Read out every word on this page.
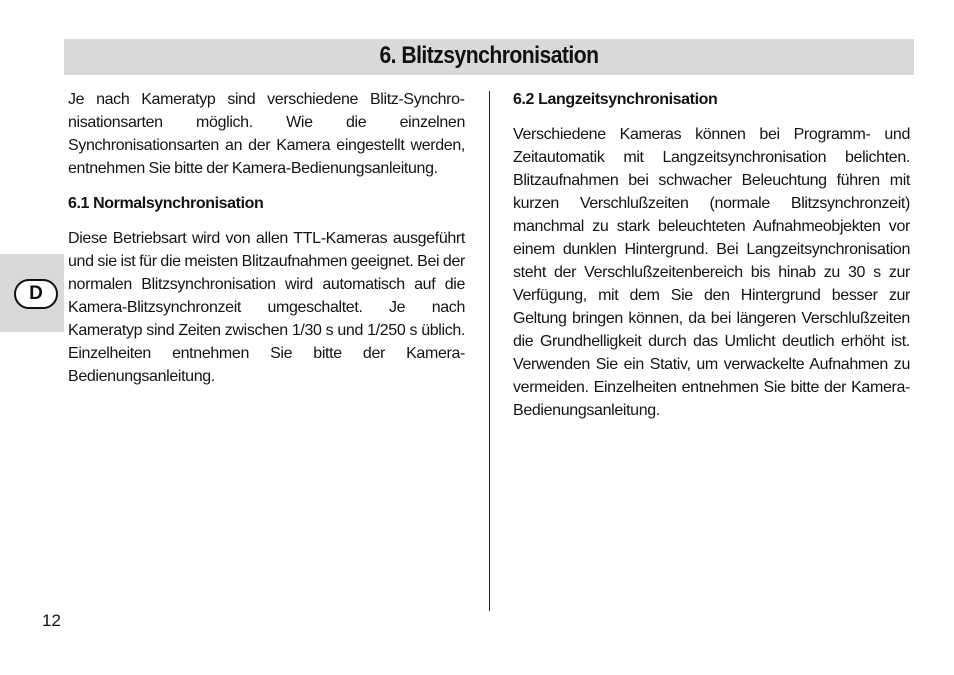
6. Blitzsynchronisation
D

Je nach Kameratyp sind verschiedene Blitz-Synchronisationsarten möglich. Wie die einzelnen Synchronisationsarten an der Kamera eingestellt werden, entnehmen Sie bitte der Kamera-Bedienungsanleitung.

6.1 Normalsynchronisation

Diese Betriebsart wird von allen TTL-Kameras ausgeführt und sie ist für die meisten Blitzaufnahmen geeignet. Bei der normalen Blitzsynchronisation wird automatisch auf die Kamera-Blitzsynchronzeit umgeschaltet. Je nach Kameratyp sind Zeiten zwischen 1/30 s und 1/250 s üblich. Einzelheiten entnehmen Sie bitte der Kamera-Bedienungsanleitung.

6.2 Langzeitsynchronisation

Verschiedene Kameras können bei Programm- und Zeitautomatik mit Langzeitsynchronisation belichten. Blitzaufnahmen bei schwacher Beleuchtung führen mit kurzen Verschlußzeiten (normale Blitzsynchronzeit) manchmal zu stark beleuchteten Aufnahmeobjekten vor einem dunklen Hintergrund. Bei Langzeitsynchronisation steht der Verschlußzeitenbereich bis hinab zu 30 s zur Verfügung, mit dem Sie den Hintergrund besser zur Geltung bringen können, da bei längeren Verschlußzeiten die Grundhelligkeit durch das Umlicht deutlich erhöht ist. Verwenden Sie ein Stativ, um verwackelte Aufnahmen zu vermeiden. Einzelheiten entnehmen Sie bitte der Kamera-Bedienungsanleitung.

12
